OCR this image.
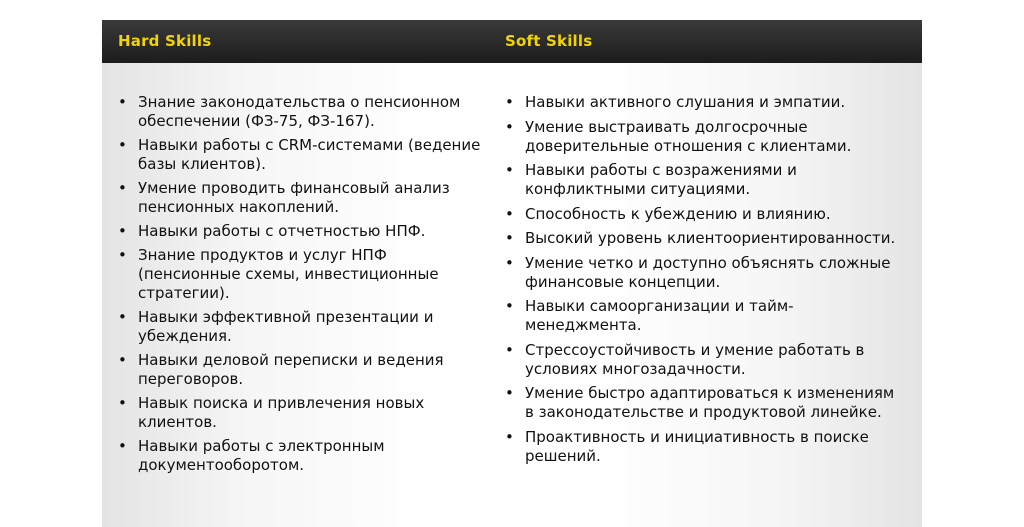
Hard Skills	Soft Skills
• Знание законодательства о пенсионном обеспечении (ФЗ-75, ФЗ-167).
• Навыки работы с CRM-системами (ведение базы клиентов).
• Умение проводить финансовый анализ пенсионных накоплений.
• Навыки работы с отчетностью НПФ.
• Знание продуктов и услуг НПФ (пенсионные схемы, инвестиционные стратегии).
• Навыки эффективной презентации и убеждения.
• Навыки деловой переписки и ведения переговоров.
• Навык поиска и привлечения новых клиентов.
• Навыки работы с электронным документооборотом.
• Навыки активного слушания и эмпатии.
• Умение выстраивать долгосрочные доверительные отношения с клиентами.
• Навыки работы с возражениями и конфликтными ситуациями.
• Способность к убеждению и влиянию.
• Высокий уровень клиентоориентированности.
• Умение четко и доступно объяснять сложные финансовые концепции.
• Навыки самоорганизации и тайм-менеджмента.
• Стрессоустойчивость и умение работать в условиях многозадачности.
• Умение быстро адаптироваться к изменениям в законодательстве и продуктовой линейке.
• Проактивность и инициативность в поиске решений.
